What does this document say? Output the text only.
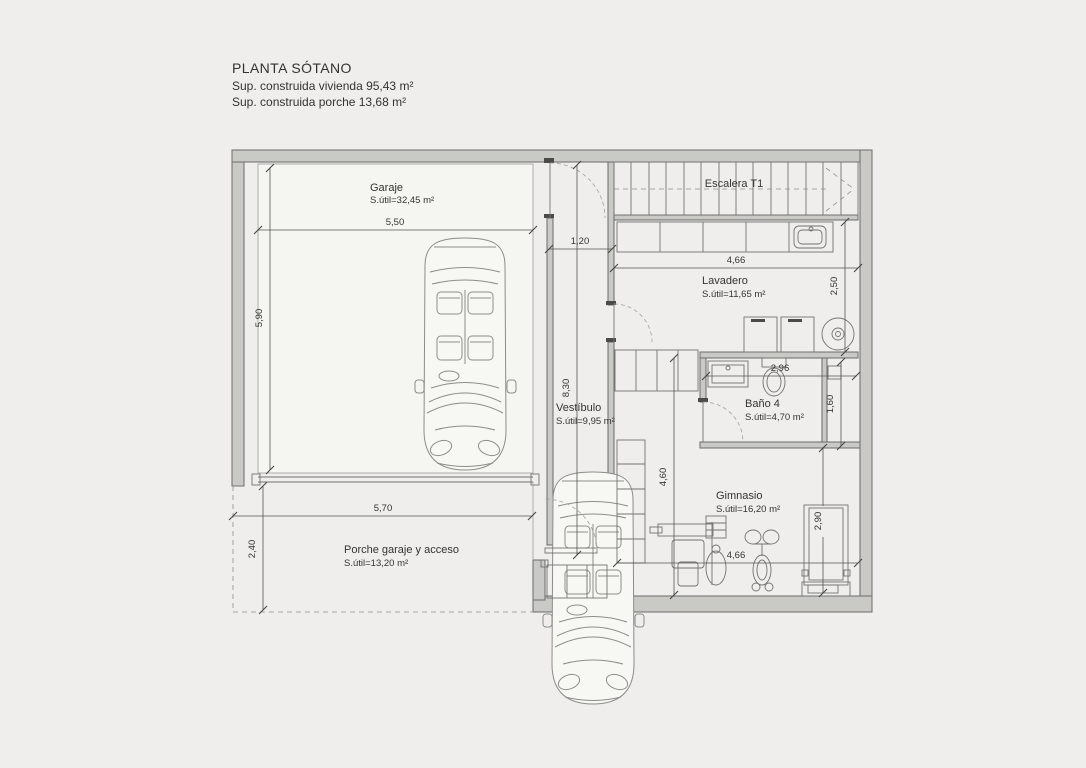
PLANTA SÓTANO

Sup. construida vivienda 95,43 m²

Sup. construida porche 13,68 m²

Garaje
S.útil=32,45 m²
Escalera T1
Lavadero
S.útil=11,65 m²
Vestíbulo
S.útil=9,95 m²
Baño 4
S.útil=4,70 m²
Gimnasio
S.útil=16,20 m²
Porche garaje y acceso
S.útil=13,20 m²
5,50
5,90
1,20
4,66
2,50
8,30
2,96
1,60
4,60
4,66
2,90
5,70
2,40
